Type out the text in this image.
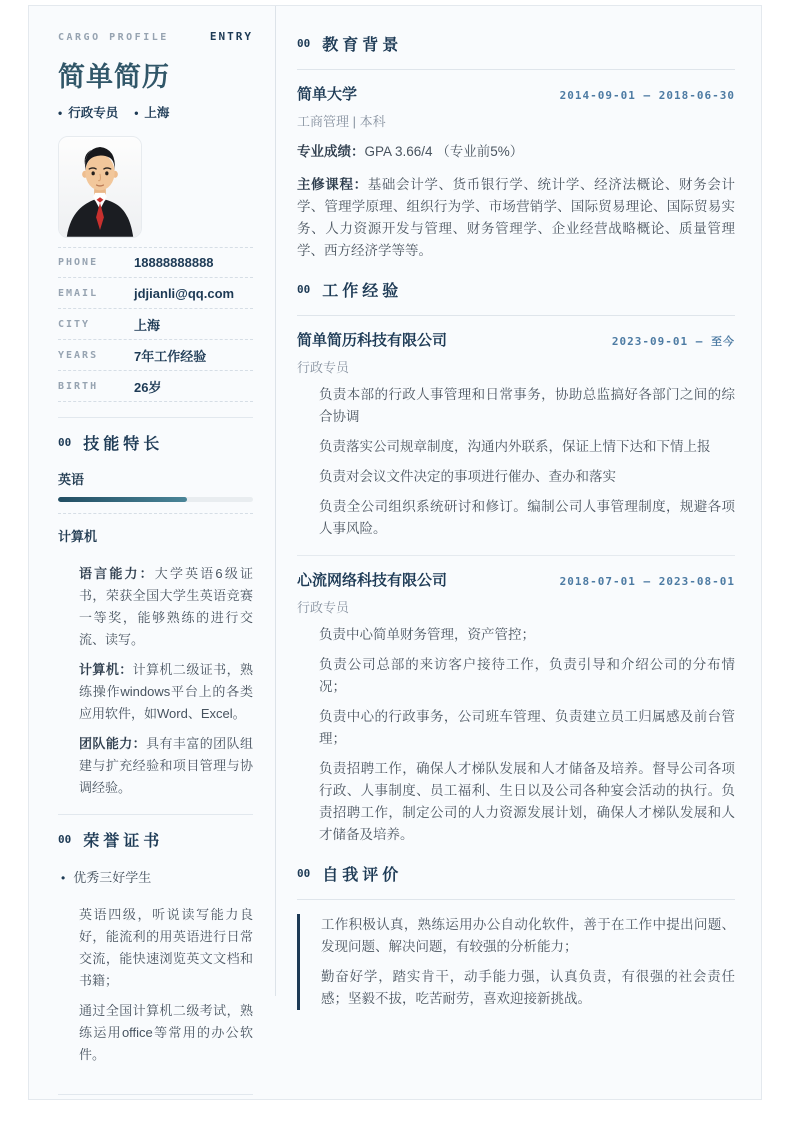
CARGO PROFILE	ENTRY
简单简历
• 行政专员 • 上海
PHONE	18888888888
EMAIL	jdjianli@qq.com
CITY	上海
YEARS	7年工作经验
BIRTH	26岁
00 技能特长
英语
计算机

语言能力：大学英语6级证书，荣获全国大学生英语竞赛一等奖，能够熟练的进行交流、读写。

计算机：计算机二级证书，熟练操作windows平台上的各类应用软件，如Word、Excel。

团队能力：具有丰富的团队组建与扩充经验和项目管理与协调经验。

00 荣誉证书
• 优秀三好学生

英语四级，听说读写能力良好，能流利的用英语进行日常交流，能快速浏览英文文档和书籍；

通过全国计算机二级考试，熟练运用office等常用的办公软件。

00 教育背景
简单大学	2014-09-01 – 2018-06-30
工商管理 | 本科

专业成绩：GPA 3.66/4 （专业前5%）

主修课程：基础会计学、货币银行学、统计学、经济法概论、财务会计学、管理学原理、组织行为学、市场营销学、国际贸易理论、国际贸易实务、人力资源开发与管理、财务管理学、企业经营战略概论、质量管理学、西方经济学等等。

00 工作经验
简单简历科技有限公司	2023-09-01 – 至今
行政专员

负责本部的行政人事管理和日常事务，协助总监搞好各部门之间的综合协调

负责落实公司规章制度，沟通内外联系，保证上情下达和下情上报

负责对会议文件决定的事项进行催办、查办和落实

负责全公司组织系统研讨和修订。编制公司人事管理制度，规避各项人事风险。

心流网络科技有限公司	2018-07-01 – 2023-08-01
行政专员

负责中心简单财务管理，资产管控；

负责公司总部的来访客户接待工作，负责引导和介绍公司的分布情况；

负责中心的行政事务，公司班车管理、负责建立员工归属感及前台管理；

负责招聘工作，确保人才梯队发展和人才储备及培养。督导公司各项行政、人事制度、员工福利、生日以及公司各种宴会活动的执行。负责招聘工作，制定公司的人力资源发展计划，确保人才梯队发展和人才储备及培养。

00 自我评价

工作积极认真，熟练运用办公自动化软件，善于在工作中提出问题、发现问题、解决问题，有较强的分析能力；

勤奋好学，踏实肯干，动手能力强，认真负责，有很强的社会责任感；坚毅不拔，吃苦耐劳，喜欢迎接新挑战。
